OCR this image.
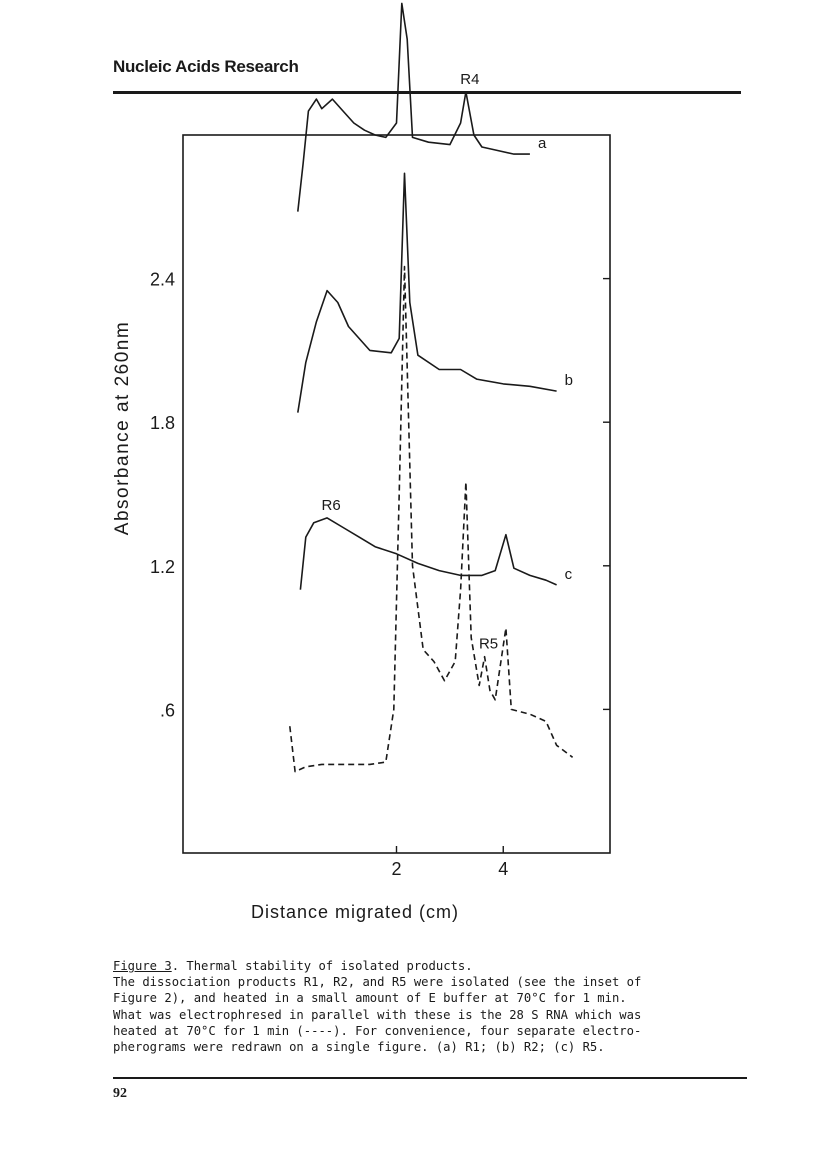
Nucleic Acids Research
.6
1.2
1.8
2.4
2	4
a
R4
b
c
R6
R5
Absorbance at 260nm
Distance migrated (cm)
Figure 3. Thermal stability of isolated products.
The dissociation products R1, R2, and R5 were isolated (see the inset of
Figure 2), and heated in a small amount of E buffer at 70°C for 1 min.
What was electrophresed in parallel with these is the 28 S RNA which was
heated at 70°C for 1 min (----). For convenience, four separate electro-
pherograms were redrawn on a single figure. (a) R1; (b) R2; (c) R5.
92
